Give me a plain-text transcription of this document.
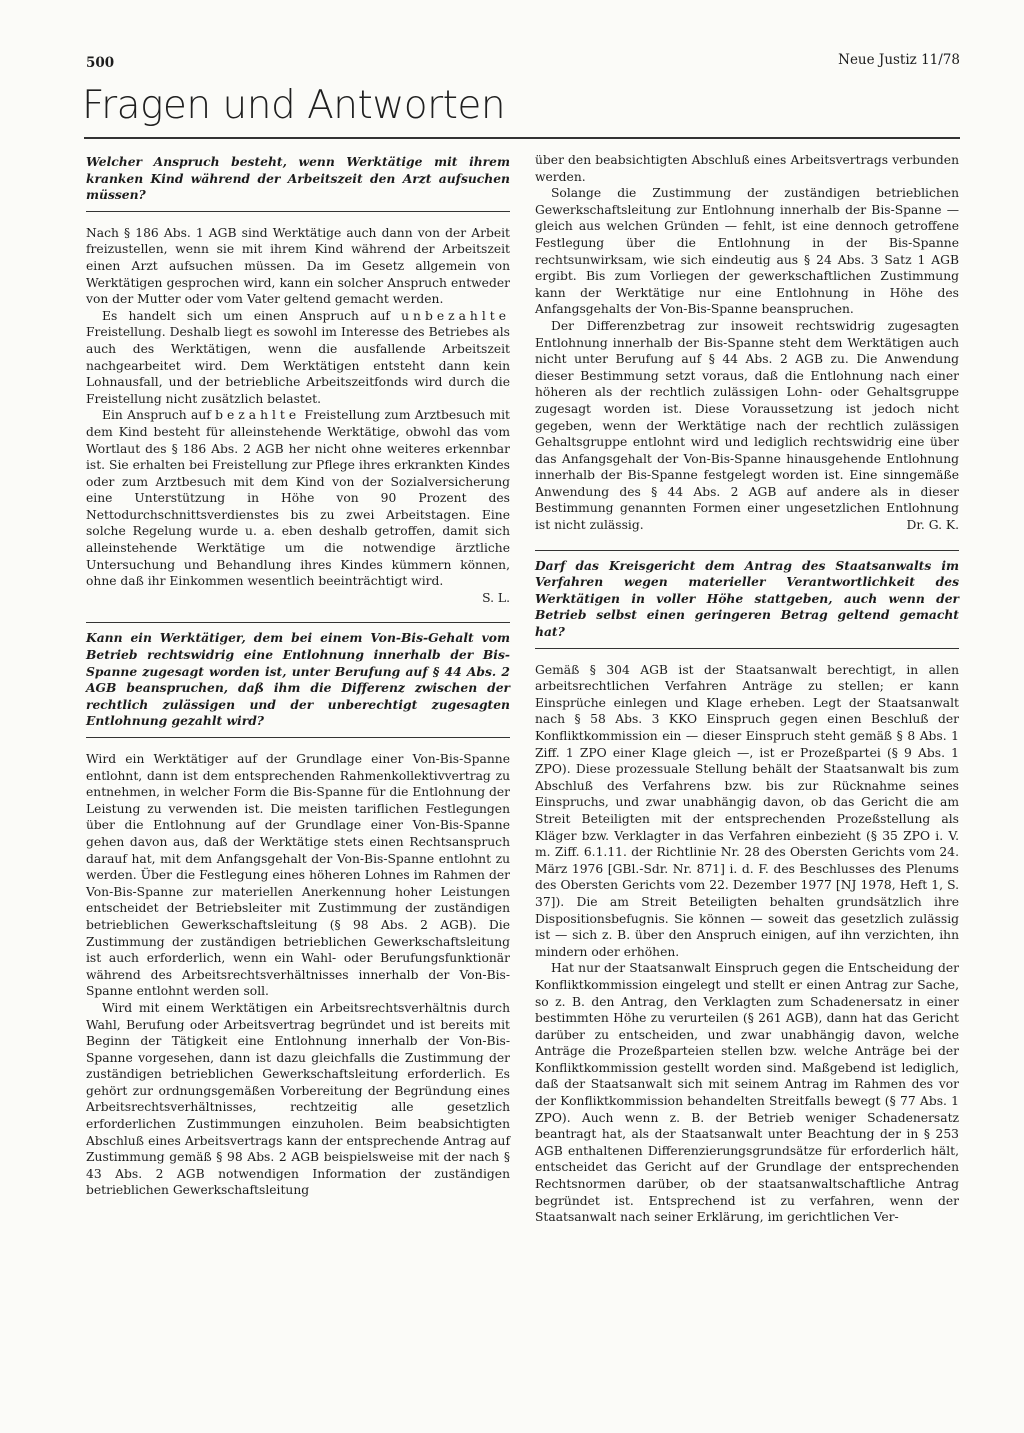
500	Neue Justiz 11/78
Fragen und Antworten

Welcher Anspruch besteht, wenn Werktätige mit ihrem kranken Kind während der Arbeitszeit den Arzt aufsuchen müssen?

Nach § 186 Abs. 1 AGB sind Werktätige auch dann von der Arbeit freizustellen, wenn sie mit ihrem Kind während der Arbeitszeit einen Arzt aufsuchen müssen. Da im Gesetz allgemein von Werktätigen gesprochen wird, kann ein solcher Anspruch entweder von der Mutter oder vom Vater geltend gemacht werden.

Es handelt sich um einen Anspruch auf unbezahlte Freistellung. Deshalb liegt es sowohl im Interesse des Betriebes als auch des Werktätigen, wenn die ausfallende Arbeitszeit nachgearbeitet wird. Dem Werktätigen entsteht dann kein Lohnausfall, und der betriebliche Arbeitszeitfonds wird durch die Freistellung nicht zusätzlich belastet.

Ein Anspruch auf bezahlte Freistellung zum Arztbesuch mit dem Kind besteht für alleinstehende Werktätige, obwohl das vom Wortlaut des § 186 Abs. 2 AGB her nicht ohne weiteres erkennbar ist. Sie erhalten bei Freistellung zur Pflege ihres erkrankten Kindes oder zum Arztbesuch mit dem Kind von der Sozialversicherung eine Unterstützung in Höhe von 90 Prozent des Nettodurchschnittsverdienstes bis zu zwei Arbeitstagen. Eine solche Regelung wurde u. a. eben deshalb getroffen, damit sich alleinstehende Werktätige um die notwendige ärztliche Untersuchung und Behandlung ihres Kindes kümmern können, ohne daß ihr Einkommen wesentlich beeinträchtigt wird.

S. L.

Kann ein Werktätiger, dem bei einem Von-Bis-Gehalt vom Betrieb rechtswidrig eine Entlohnung innerhalb der Bis-Spanne zugesagt worden ist, unter Berufung auf § 44 Abs. 2 AGB beanspruchen, daß ihm die Differenz zwischen der rechtlich zulässigen und der unberechtigt zugesagten Entlohnung gezahlt wird?

Wird ein Werktätiger auf der Grundlage einer Von-Bis-Spanne entlohnt, dann ist dem entsprechenden Rahmenkollektivvertrag zu entnehmen, in welcher Form die Bis-Spanne für die Entlohnung der Leistung zu verwenden ist. Die meisten tariflichen Festlegungen über die Entlohnung auf der Grundlage einer Von-Bis-Spanne gehen davon aus, daß der Werktätige stets einen Rechtsanspruch darauf hat, mit dem Anfangsgehalt der Von-Bis-Spanne entlohnt zu werden. Über die Festlegung eines höheren Lohnes im Rahmen der Von-Bis-Spanne zur materiellen Anerkennung hoher Leistungen entscheidet der Betriebsleiter mit Zustimmung der zuständigen betrieblichen Gewerkschaftsleitung (§ 98 Abs. 2 AGB). Die Zustimmung der zuständigen betrieblichen Gewerkschaftsleitung ist auch erforderlich, wenn ein Wahl- oder Berufungsfunktionär während des Arbeitsrechtsverhältnisses innerhalb der Von-Bis-Spanne entlohnt werden soll.

Wird mit einem Werktätigen ein Arbeitsrechtsverhältnis durch Wahl, Berufung oder Arbeitsvertrag begründet und ist bereits mit Beginn der Tätigkeit eine Entlohnung innerhalb der Von-Bis-Spanne vorgesehen, dann ist dazu gleichfalls die Zustimmung der zuständigen betrieblichen Gewerkschaftsleitung erforderlich. Es gehört zur ordnungsgemäßen Vorbereitung der Begründung eines Arbeitsrechtsverhältnisses, rechtzeitig alle gesetzlich erforderlichen Zustimmungen einzuholen. Beim beabsichtigten Abschluß eines Arbeitsvertrags kann der entsprechende Antrag auf Zustimmung gemäß § 98 Abs. 2 AGB beispielsweise mit der nach § 43 Abs. 2 AGB notwendigen Information der zuständigen betrieblichen Gewerkschaftsleitung

über den beabsichtigten Abschluß eines Arbeitsvertrags verbunden werden.

Solange die Zustimmung der zuständigen betrieblichen Gewerkschaftsleitung zur Entlohnung innerhalb der Bis-Spanne — gleich aus welchen Gründen — fehlt, ist eine dennoch getroffene Festlegung über die Entlohnung in der Bis-Spanne rechtsunwirksam, wie sich eindeutig aus § 24 Abs. 3 Satz 1 AGB ergibt. Bis zum Vorliegen der gewerkschaftlichen Zustimmung kann der Werktätige nur eine Entlohnung in Höhe des Anfangsgehalts der Von-Bis-Spanne beanspruchen.

Der Differenzbetrag zur insoweit rechtswidrig zugesagten Entlohnung innerhalb der Bis-Spanne steht dem Werktätigen auch nicht unter Berufung auf § 44 Abs. 2 AGB zu. Die Anwendung dieser Bestimmung setzt voraus, daß die Entlohnung nach einer höheren als der rechtlich zulässigen Lohn- oder Gehaltsgruppe zugesagt worden ist. Diese Voraussetzung ist jedoch nicht gegeben, wenn der Werktätige nach der rechtlich zulässigen Gehaltsgruppe entlohnt wird und lediglich rechtswidrig eine über das Anfangsgehalt der Von-Bis-Spanne hinausgehende Entlohnung innerhalb der Bis-Spanne festgelegt worden ist. Eine sinngemäße Anwendung des § 44 Abs. 2 AGB auf andere als in dieser Bestimmung genannten Formen einer ungesetzlichen Entlohnung ist nicht zulässig.	Dr. G. K.

Darf das Kreisgericht dem Antrag des Staatsanwalts im Verfahren wegen materieller Verantwortlichkeit des Werktätigen in voller Höhe stattgeben, auch wenn der Betrieb selbst einen geringeren Betrag geltend gemacht hat?

Gemäß § 304 AGB ist der Staatsanwalt berechtigt, in allen arbeitsrechtlichen Verfahren Anträge zu stellen; er kann Einsprüche einlegen und Klage erheben. Legt der Staatsanwalt nach § 58 Abs. 3 KKO Einspruch gegen einen Beschluß der Konfliktkommission ein — dieser Einspruch steht gemäß § 8 Abs. 1 Ziff. 1 ZPO einer Klage gleich —, ist er Prozeßpartei (§ 9 Abs. 1 ZPO). Diese prozessuale Stellung behält der Staatsanwalt bis zum Abschluß des Verfahrens bzw. bis zur Rücknahme seines Einspruchs, und zwar unabhängig davon, ob das Gericht die am Streit Beteiligten mit der entsprechenden Prozeßstellung als Kläger bzw. Verklagter in das Verfahren einbezieht (§ 35 ZPO i. V. m. Ziff. 6.1.11. der Richtlinie Nr. 28 des Obersten Gerichts vom 24. März 1976 [GBl.-Sdr. Nr. 871] i. d. F. des Beschlusses des Plenums des Obersten Gerichts vom 22. Dezember 1977 [NJ 1978, Heft 1, S. 37]). Die am Streit Beteiligten behalten grundsätzlich ihre Dispositionsbefugnis. Sie können — soweit das gesetzlich zulässig ist — sich z. B. über den Anspruch einigen, auf ihn verzichten, ihn mindern oder erhöhen.

Hat nur der Staatsanwalt Einspruch gegen die Entscheidung der Konfliktkommission eingelegt und stellt er einen Antrag zur Sache, so z. B. den Antrag, den Verklagten zum Schadenersatz in einer bestimmten Höhe zu verurteilen (§ 261 AGB), dann hat das Gericht darüber zu entscheiden, und zwar unabhängig davon, welche Anträge die Prozeßparteien stellen bzw. welche Anträge bei der Konfliktkommission gestellt worden sind. Maßgebend ist lediglich, daß der Staatsanwalt sich mit seinem Antrag im Rahmen des vor der Konfliktkommission behandelten Streitfalls bewegt (§ 77 Abs. 1 ZPO). Auch wenn z. B. der Betrieb weniger Schadenersatz beantragt hat, als der Staatsanwalt unter Beachtung der in § 253 AGB enthaltenen Differenzierungsgrundsätze für erforderlich hält, entscheidet das Gericht auf der Grundlage der entsprechenden Rechtsnormen darüber, ob der staatsanwaltschaftliche Antrag begründet ist. Entsprechend ist zu verfahren, wenn der Staatsanwalt nach seiner Erklärung, im gerichtlichen Ver-
